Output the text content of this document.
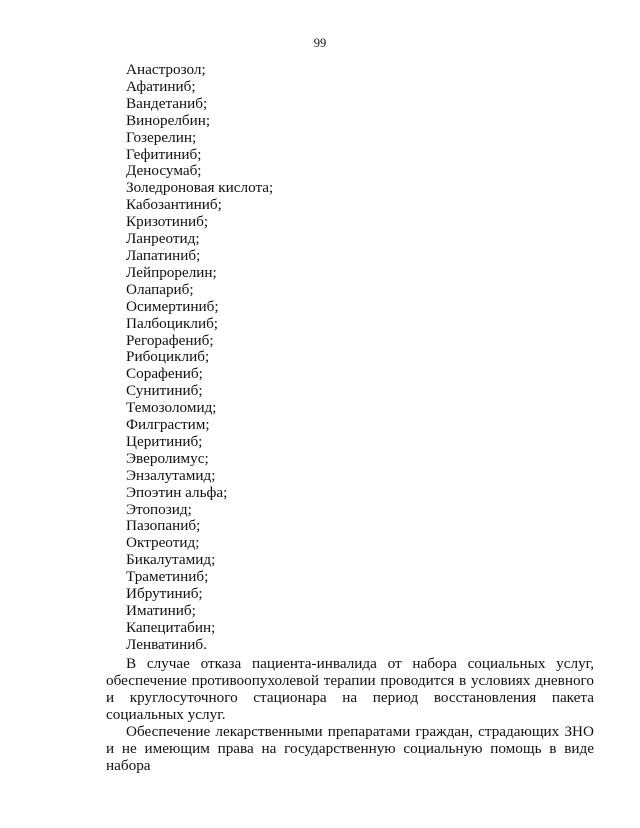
99
Анастрозол;
Афатиниб;
Вандетаниб;
Винорелбин;
Гозерелин;
Гефитиниб;
Деносумаб;
Золедроновая кислота;
Кабозантиниб;
Кризотиниб;
Ланреотид;
Лапатиниб;
Лейпрорелин;
Олапариб;
Осимертиниб;
Палбоциклиб;
Регорафениб;
Рибоциклиб;
Сорафениб;
Сунитиниб;
Темозоломид;
Филграстим;
Церитиниб;
Эверолимус;
Энзалутамид;
Эпоэтин альфа;
Этопозид;
Пазопаниб;
Октреотид;
Бикалутамид;
Траметиниб;
Ибрутиниб;
Иматиниб;
Капецитабин;
Ленватиниб.

В случае отказа пациента-инвалида от набора социальных услуг, обеспечение противоопухолевой терапии проводится в условиях дневного и круглосуточного стационара на период восстановления пакета социальных услуг.

Обеспечение лекарственными препаратами граждан, страдающих ЗНО и не имеющим права на государственную социальную помощь в виде набора
